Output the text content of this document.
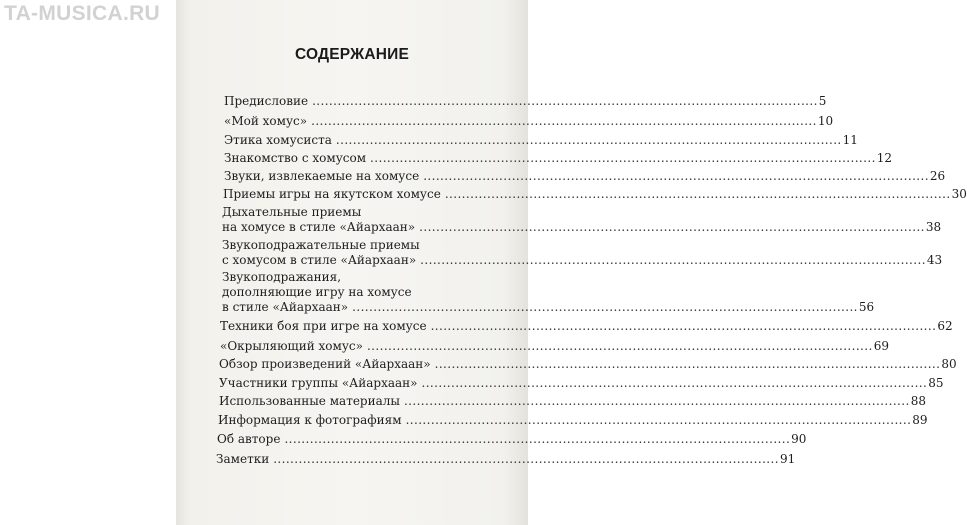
TA-MUSICA.RU
СОДЕРЖАНИЕ
Предисловие ........................................................................................................................ 5
«Мой хомус» ........................................................................................................................ 10
Этика хомусиста ........................................................................................................................ 11
Знакомство с хомусом ........................................................................................................................ 12
Звуки, извлекаемые на хомусе ........................................................................................................................ 26
Приемы игры на якутском хомусе ........................................................................................................................ 30
Дыхательные приемы
на хомусе в стиле «Айархаан» ........................................................................................................................ 38
Звукоподражательные приемы
с хомусом в стиле «Айархаан» ........................................................................................................................ 43
Звукоподражания,
дополняющие игру на хомусе
в стиле «Айархаан» ........................................................................................................................ 56
Техники боя при игре на хомусе ........................................................................................................................ 62
«Окрыляющий хомус» ........................................................................................................................ 69
Обзор произведений «Айархаан» ........................................................................................................................ 80
Участники группы «Айархаан» ........................................................................................................................ 85
Использованные материалы ........................................................................................................................ 88
Информация к фотографиям ........................................................................................................................ 89
Об авторе ........................................................................................................................ 90
Заметки ........................................................................................................................ 91
